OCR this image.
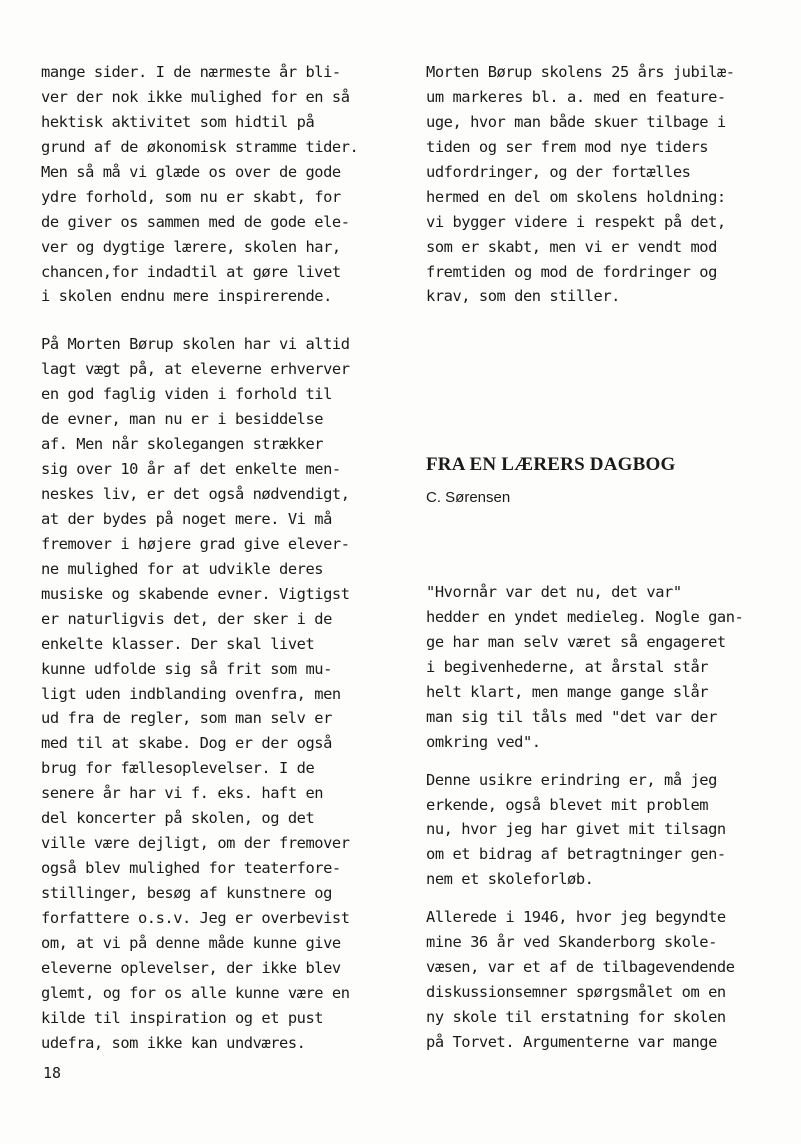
mange sider. I de nærmeste år bli-
ver der nok ikke mulighed for en så
hektisk aktivitet som hidtil på
grund af de økonomisk stramme tider.
Men så må vi glæde os over de gode
ydre forhold, som nu er skabt, for
de giver os sammen med de gode ele-
ver og dygtige lærere, skolen har,
chancen,for indadtil at gøre livet
i skolen endnu mere inspirerende.
På Morten Børup skolen har vi altid
lagt vægt på, at eleverne erhverver
en god faglig viden i forhold til
de evner, man nu er i besiddelse
af. Men når skolegangen strækker
sig over 10 år af det enkelte men-
neskes liv, er det også nødvendigt,
at der bydes på noget mere. Vi må
fremover i højere grad give elever-
ne mulighed for at udvikle deres
musiske og skabende evner. Vigtigst
er naturligvis det, der sker i de
enkelte klasser. Der skal livet
kunne udfolde sig så frit som mu-
ligt uden indblanding ovenfra, men
ud fra de regler, som man selv er
med til at skabe. Dog er der også
brug for fællesoplevelser. I de
senere år har vi f. eks. haft en
del koncerter på skolen, og det
ville være dejligt, om der fremover
også blev mulighed for teaterfore-
stillinger, besøg af kunstnere og
forfattere o.s.v. Jeg er overbevist
om, at vi på denne måde kunne give
eleverne oplevelser, der ikke blev
glemt, og for os alle kunne være en
kilde til inspiration og et pust
udefra, som ikke kan undværes.
Morten Børup skolens 25 års jubilæ-
um markeres bl. a. med en feature-
uge, hvor man både skuer tilbage i
tiden og ser frem mod nye tiders
udfordringer, og der fortælles
hermed en del om skolens holdning:
vi bygger videre i respekt på det,
som er skabt, men vi er vendt mod
fremtiden og mod de fordringer og
krav, som den stiller.
FRA EN LÆRERS DAGBOG
C. Sørensen
"Hvornår var det nu, det var"
hedder en yndet medieleg. Nogle gan-
ge har man selv været så engageret
i begivenhederne, at årstal står
helt klart, men mange gange slår
man sig til tåls med "det var der
omkring ved".
Denne usikre erindring er, må jeg
erkende, også blevet mit problem
nu, hvor jeg har givet mit tilsagn
om et bidrag af betragtninger gen-
nem et skoleforløb.
Allerede i 1946, hvor jeg begyndte
mine 36 år ved Skanderborg skole-
væsen, var et af de tilbagevendende
diskussionsemner spørgsmålet om en
ny skole til erstatning for skolen
på Torvet. Argumenterne var mange
18
